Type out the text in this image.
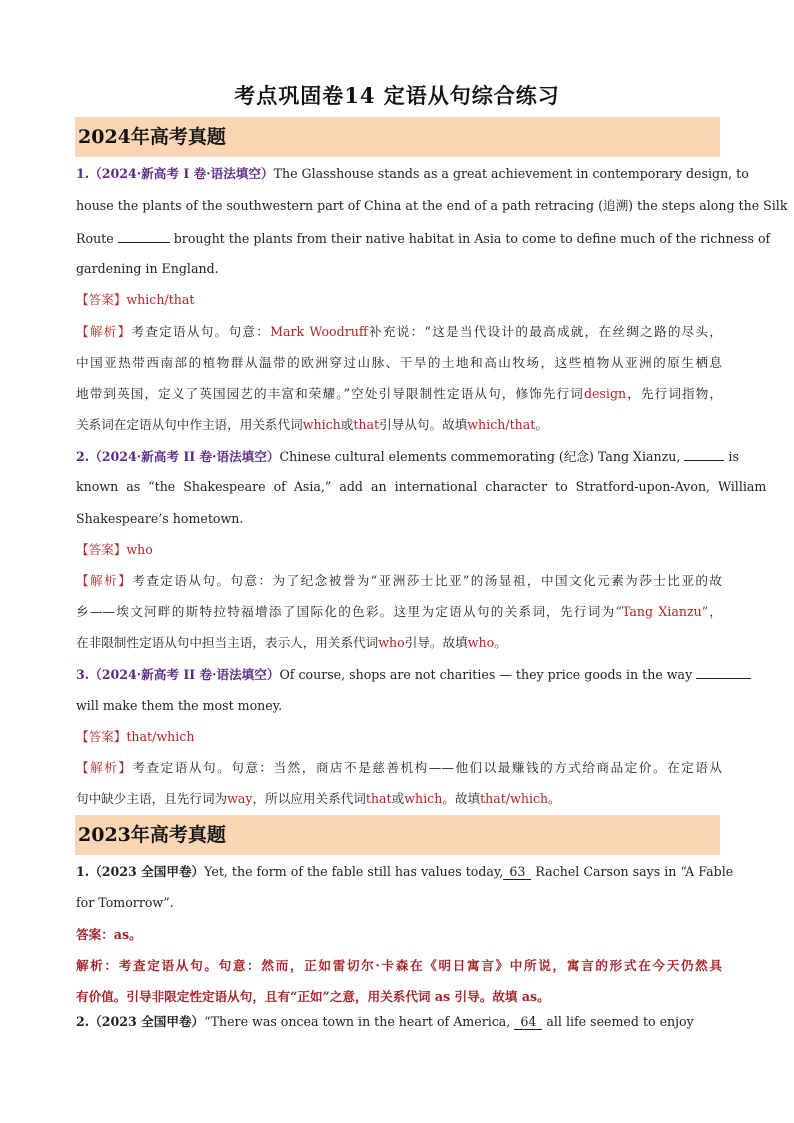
考点巩固卷14 定语从句综合练习
2024年高考真题
1.（2024·新高考 I 卷·语法填空）The Glasshouse stands as a great achievement in contemporary design, to
house the plants of the southwestern part of China at the end of a path retracing (追溯) the steps along the Silk
Route	brought the plants from their native habitat in Asia to come to define much of the richness of
gardening in England.
【答案】which/that
【解析】考查定语从句。句意：Mark Woodruff补充说：“这是当代设计的最高成就，在丝绸之路的尽头，
中国亚热带西南部的植物群从温带的欧洲穿过山脉、干旱的土地和高山牧场，这些植物从亚洲的原生栖息
地带到英国，定义了英国园艺的丰富和荣耀。”空处引导限制性定语从句，修饰先行词design，先行词指物，
关系词在定语从句中作主语，用关系代词which或that引导从句。故填which/that。
2.（2024·新高考 II 卷·语法填空）Chinese cultural elements commemorating (纪念) Tang Xianzu,	is
known  as  “the  Shakespeare  of  Asia,”  add  an  international  character  to  Stratford-upon-Avon,  William
Shakespeare’s hometown.
【答案】who
【解析】考查定语从句。句意：为了纪念被誉为“亚洲莎士比亚”的汤显祖，中国文化元素为莎士比亚的故
乡——埃文河畔的斯特拉特福增添了国际化的色彩。这里为定语从句的关系词，先行词为“Tang Xianzu”，
在非限制性定语从句中担当主语，表示人，用关系代词who引导。故填who。
3.（2024·新高考 II 卷·语法填空）Of course, shops are not charities — they price goods in the way
will make them the most money.
【答案】that/which
【解析】考查定语从句。句意：当然，商店不是慈善机构——他们以最赚钱的方式给商品定价。在定语从
句中缺少主语，且先行词为way，所以应用关系代词that或which。故填that/which。
2023年高考真题
1.（2023 全国甲卷）Yet, the form of the fable still has values today, 63 Rachel Carson says in “A Fable
for Tomorrow”.
答案：as。
解析：考查定语从句。句意：然而，正如雷切尔·卡森在《明日寓言》中所说，寓言的形式在今天仍然具
有价值。引导非限定性定语从句，且有“正如”之意，用关系代词 as 引导。故填 as。
2.（2023 全国甲卷）“There was oncea town in the heart of America, 64 all life seemed to enjoy
